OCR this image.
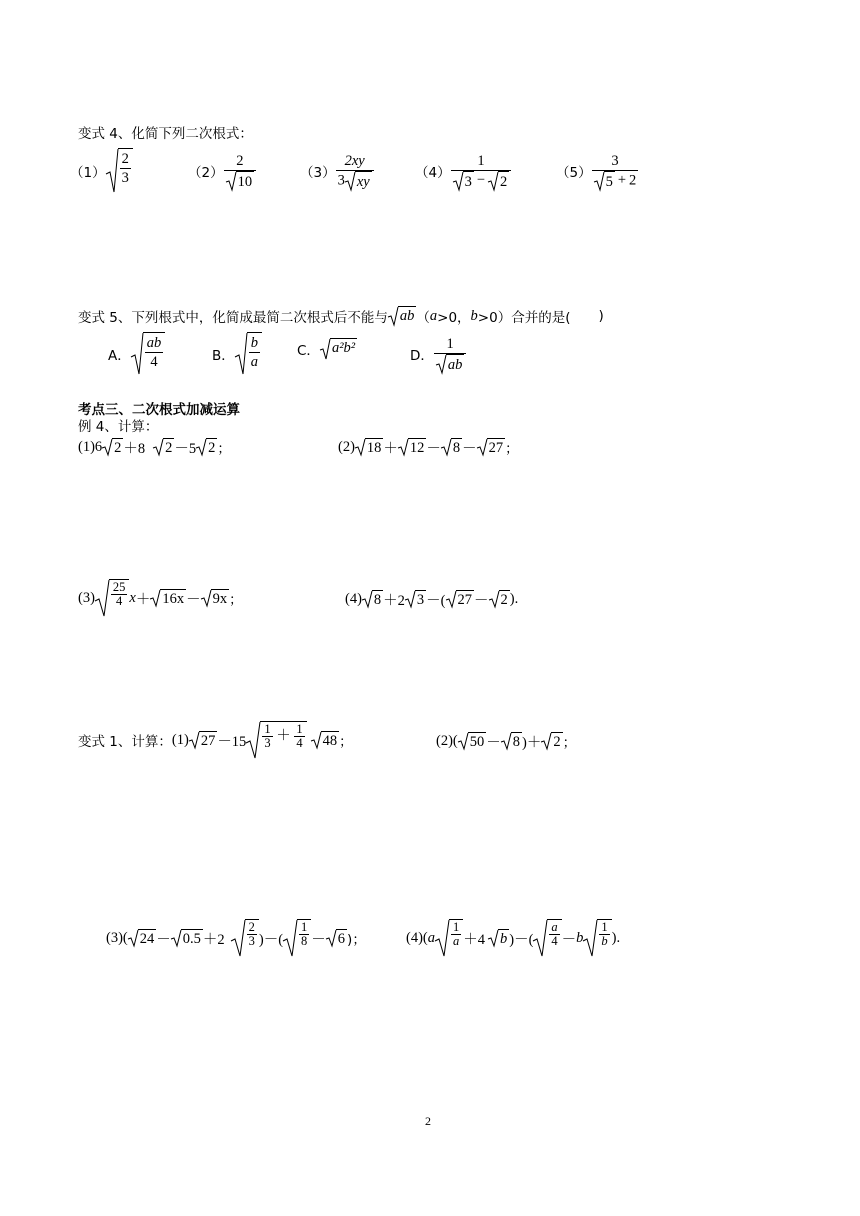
变式 4、化简下列二次根式：
$(1) \frac{2}{3}$	$(2) \frac{2}{10}$	$(3) \frac{2xy}{3 xy}$	$(4) \frac{1}{3 - 2}$	$(5) \frac{3}{5 + 2}$
变式 5、下列根式中，化简成最简二次根式后不能与 ab （ a >0， b >0）合并的是( )
A． $\frac{ab}{4}$	B． $\frac{b}{a}$	C． a²b²	D． $\frac{1}{ab}$
考点三、二次根式加减运算
例 4、计算：
(1) 6 2 ＋8	2 －5 2 ；	(2) 18 ＋ 12 － 8 － 27 ；
$(3) \frac{25}{4}$ x ＋ 16x － 9x ；	(4) 8 ＋2 3 －( 27 － 2 ).
变式 1、计算： (1) $27 -15 \frac{1}{3} + \frac{1}{4}$	48 ；	(2)( 50 － 8 )＋ 2 ；
(3)( $24 - 0.5 +2 \frac{2}{3}$ )－( $\frac{1}{8} - 6$ )；	(4)( a $\frac{1}{a} +4$	b )－( $\frac{a}{4} - b \frac{1}{b}$ ).
2
